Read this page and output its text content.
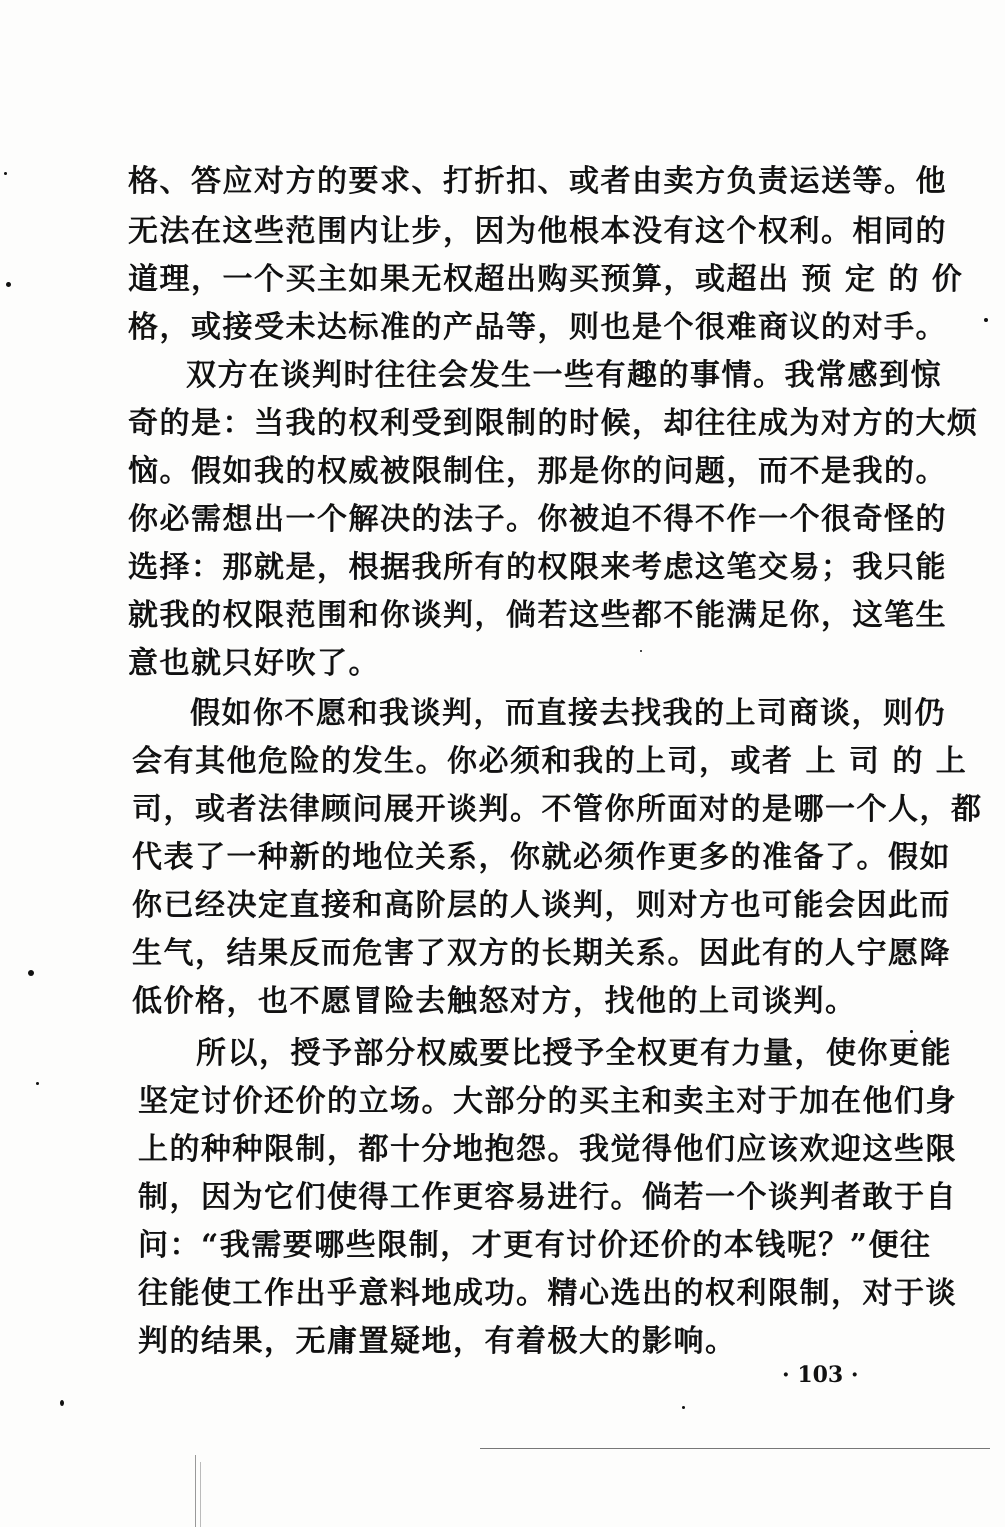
格、答应对方的要求、打折扣、或者由卖方负责运送等。他
无法在这些范围内让步，因为他根本没有这个权利。相同的
道理，一个买主如果无权超出购买预算，或超出 预 定 的 价
格，或接受未达标准的产品等，则也是个很难商议的对手。
双方在谈判时往往会发生一些有趣的事情。我常感到惊
奇的是：当我的权利受到限制的时候，却往往成为对方的大烦
恼。假如我的权威被限制住，那是你的问题，而不是我的。
你必需想出一个解决的法子。你被迫不得不作一个很奇怪的
选择：那就是，根据我所有的权限来考虑这笔交易；我只能
就我的权限范围和你谈判，倘若这些都不能满足你，这笔生
意也就只好吹了。
假如你不愿和我谈判，而直接去找我的上司商谈，则仍
会有其他危险的发生。你必须和我的上司，或者 上 司 的 上
司，或者法律顾问展开谈判。不管你所面对的是哪一个人，都
代表了一种新的地位关系，你就必须作更多的准备了。假如
你已经决定直接和高阶层的人谈判，则对方也可能会因此而
生气，结果反而危害了双方的长期关系。因此有的人宁愿降
低价格，也不愿冒险去触怒对方，找他的上司谈判。
所以，授予部分权威要比授予全权更有力量，使你更能
坚定讨价还价的立场。大部分的买主和卖主对于加在他们身
上的种种限制，都十分地抱怨。我觉得他们应该欢迎这些限
制，因为它们使得工作更容易进行。倘若一个谈判者敢于自
问：“我需要哪些限制，才更有讨价还价的本钱呢？”便往
往能使工作出乎意料地成功。精心选出的权利限制，对于谈
判的结果，无庸置疑地，有着极大的影响。
· 103 ·
